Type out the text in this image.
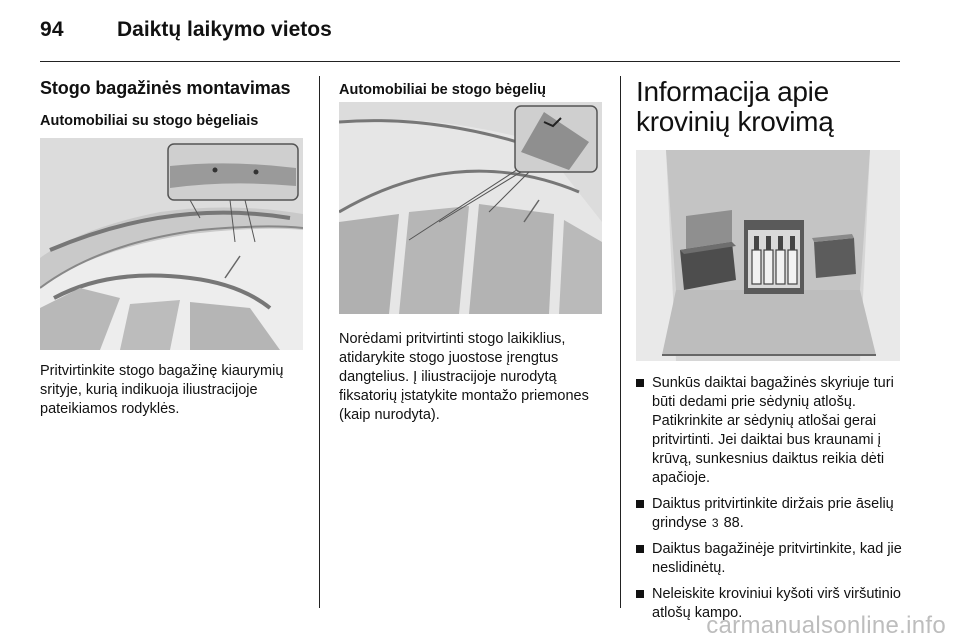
94	Daiktų laikymo vietos
Stogo bagažinės montavimas
Automobiliai su stogo bėgeliais
Pritvirtinkite stogo bagažinę kiaurymių srityje, kurią indikuoja iliustracijoje pateikiamos rodyklės.
Automobiliai be stogo bėgelių
Norėdami pritvirtinti stogo laikiklius, atidarykite stogo juostose įrengtus dangtelius. Į iliustracijoje nurodytą fiksatorių įstatykite montažo priemones (kaip nurodyta).
Informacija apie krovinių krovimą
Sunkūs daiktai bagažinės skyriuje turi būti dedami prie sėdynių atlošų. Patikrinkite ar sėdynių atlošai gerai pritvirtinti. Jei daiktai bus kraunami į krūvą, sunkesnius daiktus reikia dėti apačioje.
Daiktus pritvirtinkite diržais prie āselių grindyse 3 88.
Daiktus bagažinėje pritvirtinkite, kad jie neslidinėtų.
Neleiskite kroviniui kyšoti virš viršutinio atlošų kampo.
carmanualsonline.info
